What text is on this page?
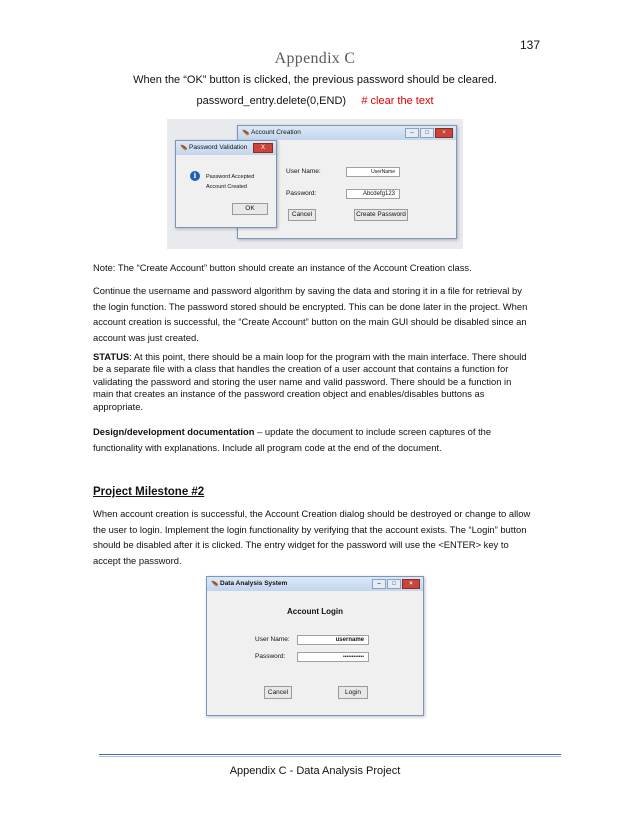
137
Appendix C
When the “OK” button is clicked, the previous password should be cleared.
password_entry.delete(0,END) # clear the text
🪶 Account Creation	–	□	×
User Name:	UserName
Password:	Abcdefg123
Cancel	Create Password
🪶 Password Validation	X
i	Password Accepted
Account Created
OK
Note: The “Create Account” button should create an instance of the Account Creation class.
Continue the username and password algorithm by saving the data and storing it in a file for retrieval by the login function. The password stored should be encrypted. This can be done later in the project. When account creation is successful, the “Create Account” button on the main GUI should be disabled since an account was just created.
STATUS: At this point, there should be a main loop for the program with the main interface. There should be a separate file with a class that handles the creation of a user account that contains a function for validating the password and storing the user name and valid password. There should be a function in main that creates an instance of the password creation object and enables/disables buttons as appropriate.
Design/development documentation – update the document to include screen captures of the functionality with explanations. Include all program code at the end of the document.
Project Milestone #2
When account creation is successful, the Account Creation dialog should be destroyed or change to allow the user to login. Implement the login functionality by verifying that the account exists. The “Login” button should be disabled after it is clicked. The entry widget for the password will use the <ENTER> key to accept the password.
🪶 Data Analysis System	–	□	×
Account Login
User Name:	username
Password:	••••••••••••
Cancel	Login
Appendix C - Data Analysis Project
